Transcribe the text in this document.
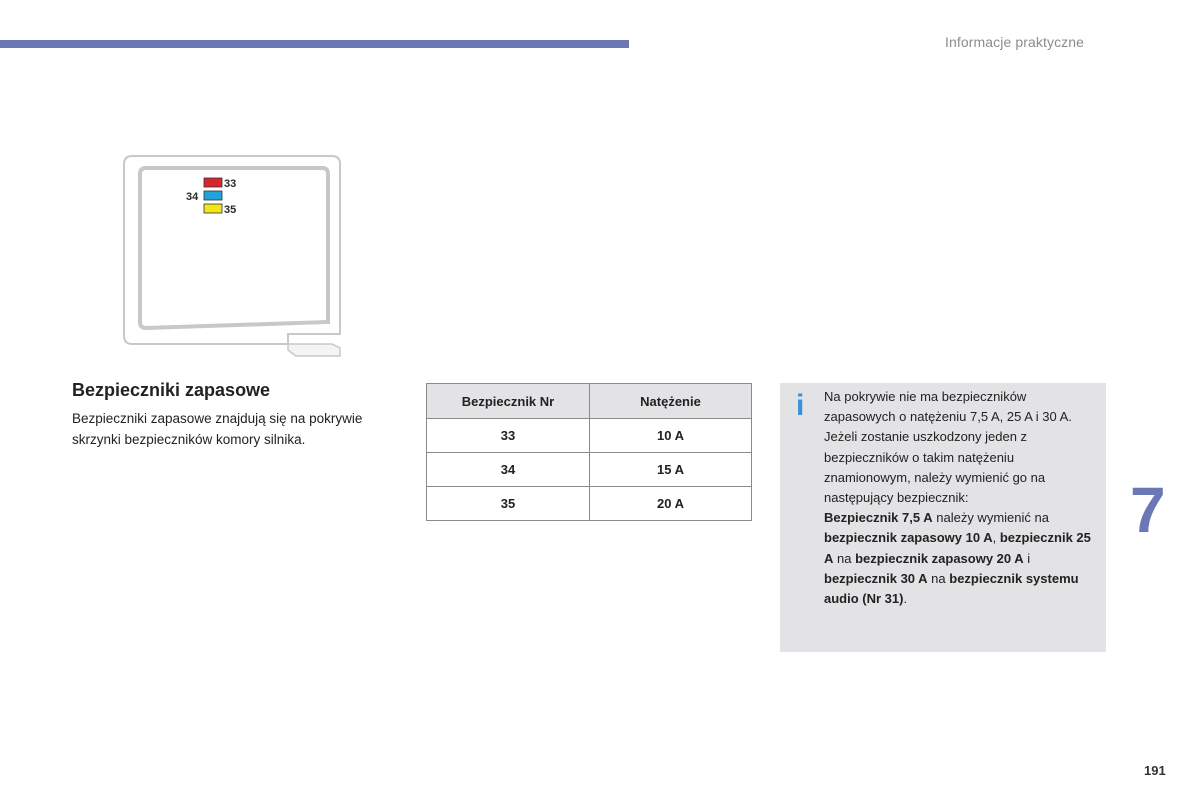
Informacje praktyczne
33
34
35
Bezpieczniki zapasowe
Bezpieczniki zapasowe znajdują się na pokrywie skrzynki bezpieczników komory silnika.
Bezpiecznik Nr	Natężenie
33	10 A
34	15 A
35	20 A
i Na pokrywie nie ma bezpieczników zapasowych o natężeniu 7,5 A, 25 A i 30 A. Jeżeli zostanie uszkodzony jeden z bezpieczników o takim natężeniu znamionowym, należy wymienić go na następujący bezpiecznik:
Bezpiecznik 7,5 A należy wymienić na bezpiecznik zapasowy 10 A, bezpiecznik 25 A na bezpiecznik zapasowy 20 A i bezpiecznik 30 A na bezpiecznik systemu audio (Nr 31).
7
191
